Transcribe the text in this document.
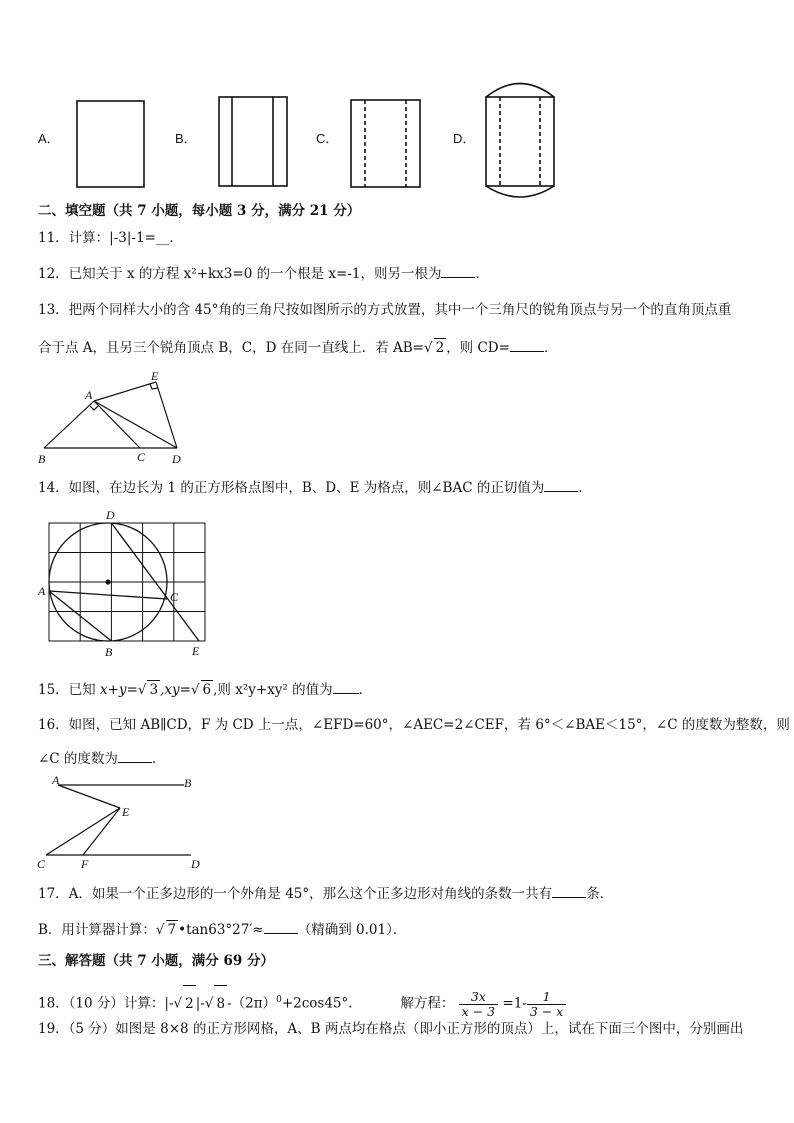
A．	B．	C．	D．
二、填空题（共 7 小题，每小题 3 分，满分 21 分）
11．计算：|-3|-1=__．
12．已知关于 x 的方程 x²+kx3=0 的一个根是 x=-1，则另一根为	．
13．把两个同样大小的含 45°角的三角尺按如图所示的方式放置，其中一个三角尺的锐角顶点与另一个的直角顶点重
合于点 A，且另三个锐角顶点 B，C，D 在同一直线上．若 AB=√ 2 ，则 CD=	．
A
E
B	C D
14．如图，在边长为 1 的正方形格点图中，B、D、E 为格点，则∠BAC 的正切值为	．
D
A	C
B	E
15．已知 x+y=√ 3 ,xy=√ 6 ,则 x²y+xy² 的值为 ．
16．如图，已知 AB∥CD，F 为 CD 上一点，∠EFD=60°，∠AEC=2∠CEF，若 6°＜∠BAE＜15°，∠C 的度数为整数，则
∠C 的度数为	．
A	B
E
C	F	D
17．A．如果一个正多边形的一个外角是 45°，那么这个正多边形对角线的条数一共有	条．
B．用计算器计算：√ 7 •tan63°27′≈	（精确到 0.01）．
三、解答题（共 7 小题，满分 69 分）
18．（10 分）计算：|-√ 2 |-√ 8 $-(2\pi)^0+2\cos 45^\circ$．	解方程： $\frac{3x}{x - 3} =1- \frac{1}{3 - x}$
19．（5 分）如图是 8×8 的正方形网格，A、B 两点均在格点（即小正方形的顶点）上，试在下面三个图中，分别画出
